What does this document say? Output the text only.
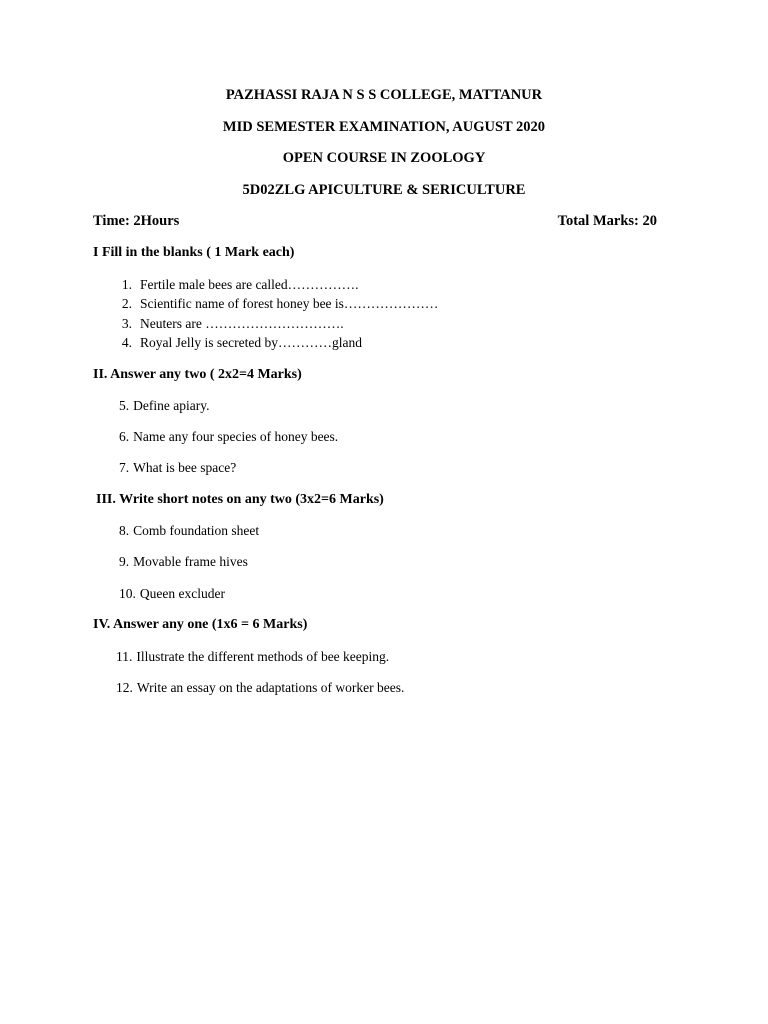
PAZHASSI RAJA N S S COLLEGE, MATTANUR
MID SEMESTER EXAMINATION, AUGUST 2020
OPEN COURSE IN ZOOLOGY
5D02ZLG APICULTURE & SERICULTURE
Time: 2Hours	Total Marks: 20
I Fill in the blanks ( 1 Mark each)
1. Fertile male bees are called…………….
2. Scientific name of forest honey bee is…………………
3. Neuters are ………………………….
4. Royal Jelly is secreted by…………gland
II. Answer any two ( 2x2=4 Marks)
5. Define apiary.
6. Name any four species of honey bees.
7. What is bee space?
III. Write short notes on any two (3x2=6 Marks)
8. Comb foundation sheet
9. Movable frame hives
10. Queen excluder
IV. Answer any one (1x6 = 6 Marks)
11. Illustrate the different methods of bee keeping.
12. Write an essay on the adaptations of worker bees.
